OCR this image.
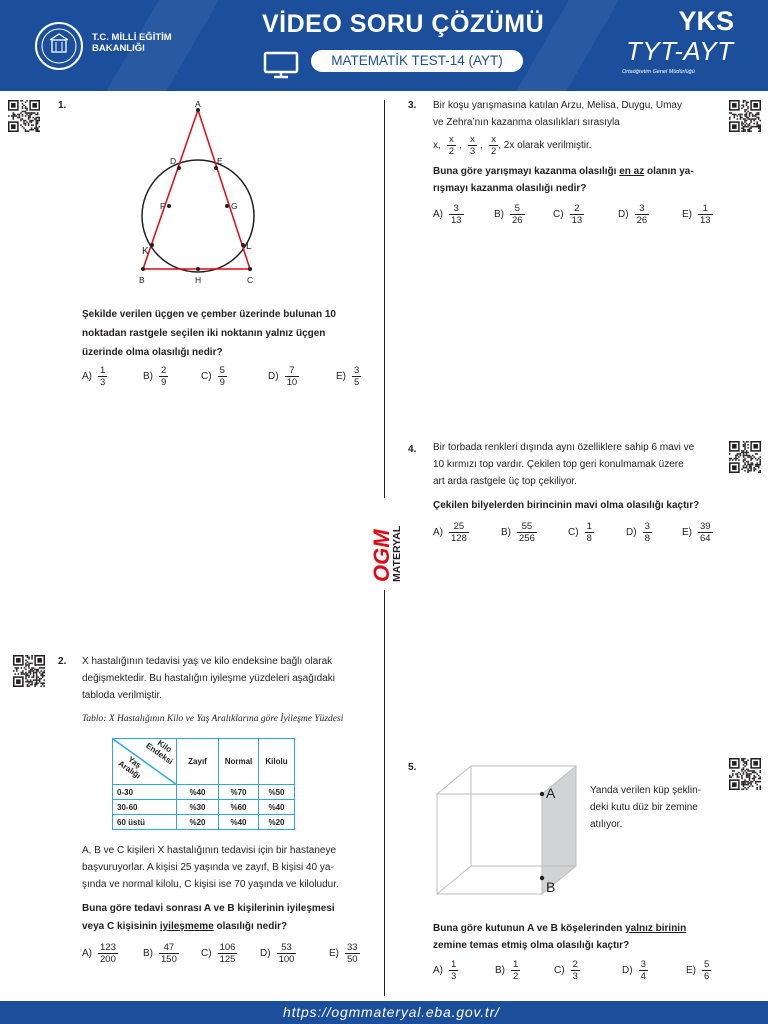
T.C. MİLLİ EĞİTİM
BAKANLIĞI
VİDEO SORU ÇÖZÜMÜ
MATEMATİK TEST-14 (AYT)
YKS
TYT-AYT
Ortaöğretim Genel Müdürlüğü
OGM
MATERYAL
1.	A
D	E
F	G
K	L
B	H	C
Şekilde verilen üçgen ve çember üzerinde bulunan 10
noktadan rastgele seçilen iki noktanın yalnız üçgen
üzerinde olma olasılığı nedir?
$A) \frac{1}{3}$	$B) \frac{2}{9}$	$C) \frac{5}{9}$	$D) \frac{7}{10}$	$E) \frac{3}{5}$
2. X hastalığının tedavisi yaş ve kilo endeksine bağlı olarak
değişmektedir. Bu hastalığın iyileşme yüzdeleri aşağıdaki
tabloda verilmiştir.
Tablo: X Hastalığının Kilo ve Yaş Aralıklarına göre İyileşme Yüzdesi
Kilo Endeksi
Yaş Aralığı	Zayıf	Normal	Kilolu
0-30	%40	%70	%50
30-60	%30	%60	%40
60 üstü	%20	%40	%20
A, B ve C kişileri X hastalığının tedavisi için bir hastaneye
başvuruyorlar. A kişisi 25 yaşında ve zayıf, B kişisi 40 ya-
şında ve normal kilolu, C kişisi ise 70 yaşında ve kiloludur.
Buna göre tedavi sonrası A ve B kişilerinin iyileşmesi
veya C kişisinin iyileşmeme olasılığı nedir?
$A) \frac{123}{200}$	$B) \frac{47}{150} C) \frac{106}{125} D) \frac{53}{100}$	$E) \frac{33}{50}$
3. Bir koşu yarışmasına katılan Arzu, Melisa, Duygu, Umay
ve Zehra’nın kazanma olasılıkları sırasıyla
x, $\frac{x}{2}$ , $\frac{x}{3}$ , $\frac{x}{2}$ , 2x olarak verilmiştir.
Buna göre yarışmayı kazanma olasılığı en az olanın ya-
rışmayı kazanma olasılığı nedir?
$A) \frac{3}{13}$	$B) \frac{5}{26}$	$C) \frac{2}{13}$	$D) \frac{3}{26}$	$E) \frac{1}{13}$
4. Bir torbada renkleri dışında aynı özelliklere sahip 6 mavi ve
10 kırmızı top vardır. Çekilen top geri konulmamak üzere
art arda rastgele üç top çekiliyor.
Çekilen bilyelerden birincinin mavi olma olasılığı kaçtır?
$A) \frac{25}{128}$	$B) \frac{55}{256}$	$C) \frac{1}{8}$	$D) \frac{3}{8}$	$E) \frac{39}{64}$
5.
A
B
Yanda verilen küp şeklin-
deki kutu düz bir zemine
atılıyor.
Buna göre kutunun A ve B köşelerinden yalnız birinin
zemine temas etmiş olma olasılığı kaçtır?
$A) \frac{1}{3}$	$B) \frac{1}{2}$	$C) \frac{2}{3}$	$D) \frac{3}{4}$	$E) \frac{5}{6}$
https://ogmmateryal.eba.gov.tr/
